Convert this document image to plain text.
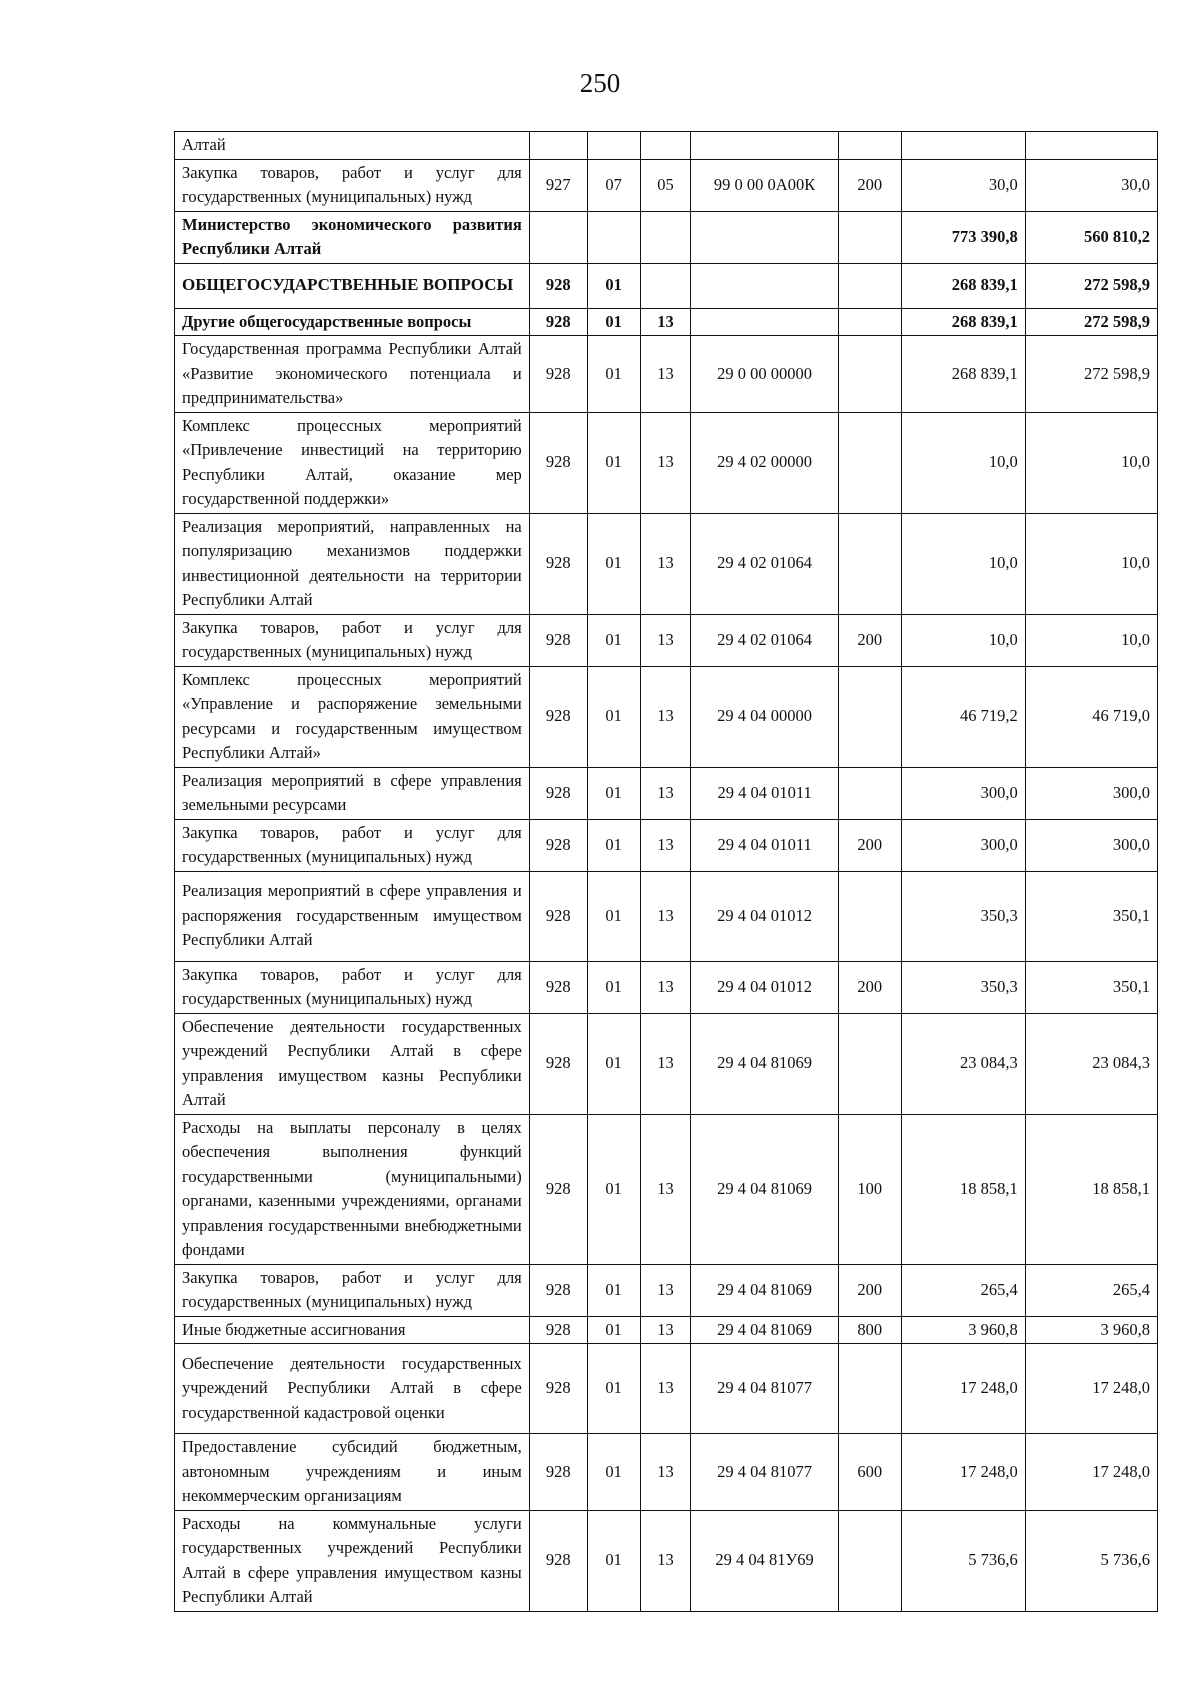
250
Алтай							
Закупка товаров, работ и услуг для государственных (муниципальных) нужд	927	07	05	99 0 00 0А00К	200	30,0	30,0
Министерство экономического развития Республики Алтай						773 390,8	560 810,2
ОБЩЕГОСУДАРСТВЕННЫЕ ВОПРОСЫ	928	01				268 839,1	272 598,9
Другие общегосударственные вопросы	928	01	13			268 839,1	272 598,9
Государственная программа Республики Алтай «Развитие экономического потенциала и предпринимательства»	928	01	13	29 0 00 00000		268 839,1	272 598,9
Комплекс процессных мероприятий «Привлечение инвестиций на территорию Республики Алтай, оказание мер государственной поддержки»	928	01	13	29 4 02 00000		10,0	10,0
Реализация мероприятий, направленных на популяризацию механизмов поддержки инвестиционной деятельности на территории Республики Алтай	928	01	13	29 4 02 01064		10,0	10,0
Закупка товаров, работ и услуг для государственных (муниципальных) нужд	928	01	13	29 4 02 01064	200	10,0	10,0
Комплекс процессных мероприятий «Управление и распоряжение земельными ресурсами и государственным имуществом Республики Алтай»	928	01	13	29 4 04 00000		46 719,2	46 719,0
Реализация мероприятий в сфере управления земельными ресурсами	928	01	13	29 4 04 01011		300,0	300,0
Закупка товаров, работ и услуг для государственных (муниципальных) нужд	928	01	13	29 4 04 01011	200	300,0	300,0
Реализация мероприятий в сфере управления и распоряжения государственным имуществом Республики Алтай	928	01	13	29 4 04 01012		350,3	350,1
Закупка товаров, работ и услуг для государственных (муниципальных) нужд	928	01	13	29 4 04 01012	200	350,3	350,1
Обеспечение деятельности государственных учреждений Республики Алтай в сфере управления имуществом казны Республики Алтай	928	01	13	29 4 04 81069		23 084,3	23 084,3
Расходы на выплаты персоналу в целях обеспечения выполнения функций государственными (муниципальными) органами, казенными учреждениями, органами управления государственными внебюджетными фондами	928	01	13	29 4 04 81069	100	18 858,1	18 858,1
Закупка товаров, работ и услуг для государственных (муниципальных) нужд	928	01	13	29 4 04 81069	200	265,4	265,4
Иные бюджетные ассигнования	928	01	13	29 4 04 81069	800	3 960,8	3 960,8
Обеспечение деятельности государственных учреждений Республики Алтай в сфере государственной кадастровой оценки	928	01	13	29 4 04 81077		17 248,0	17 248,0
Предоставление субсидий бюджетным, автономным учреждениям и иным некоммерческим организациям	928	01	13	29 4 04 81077	600	17 248,0	17 248,0
Расходы на коммунальные услуги государственных учреждений Республики Алтай в сфере управления имуществом казны Республики Алтай	928	01	13	29 4 04 81У69		5 736,6	5 736,6
